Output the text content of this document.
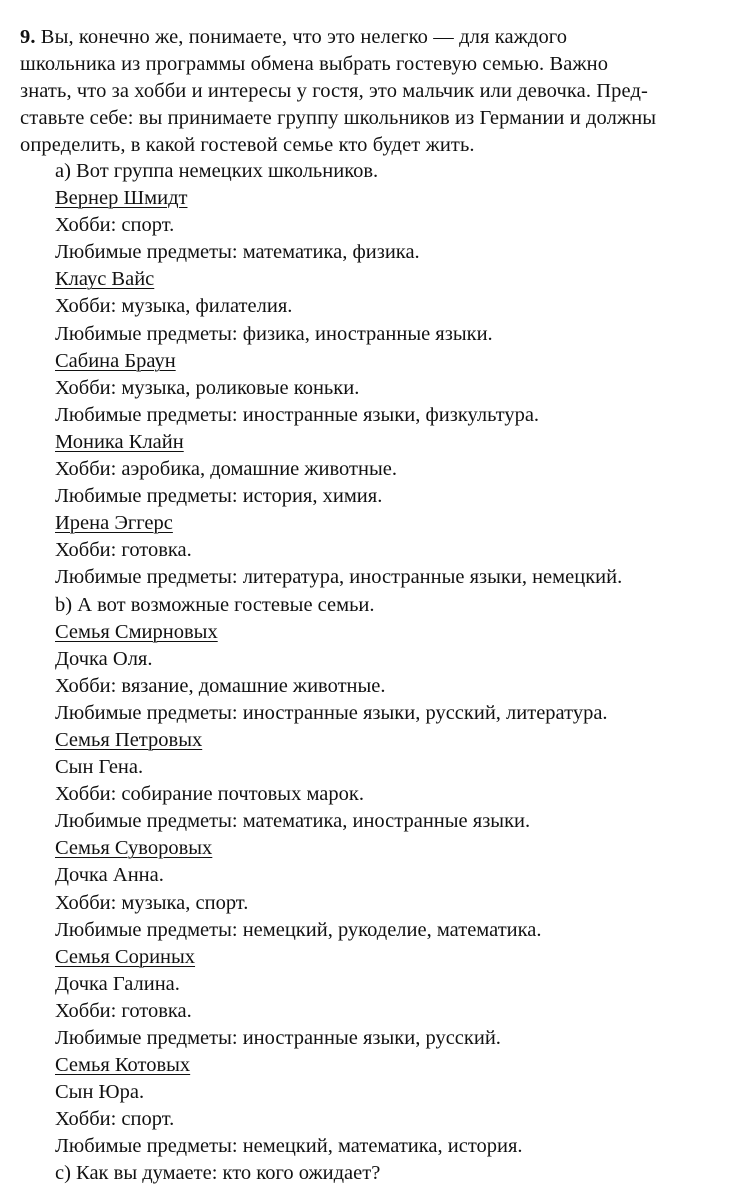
9. Вы, конечно же, понимаете, что это нелегко — для каждого
школьника из программы обмена выбрать гостевую семью. Важно
знать, что за хобби и интересы у гостя, это мальчик или девочка. Пред-
ставьте себе: вы принимаете группу школьников из Германии и должны
определить, в какой гостевой семье кто будет жить.
a) Вот группа немецких школьников.
Вернер Шмидт
Хобби: спорт.
Любимые предметы: математика, физика.
Клаус Вайс
Хобби: музыка, филателия.
Любимые предметы: физика, иностранные языки.
Сабина Браун
Хобби: музыка, роликовые коньки.
Любимые предметы: иностранные языки, физкультура.
Моника Клайн
Хобби: аэробика, домашние животные.
Любимые предметы: история, химия.
Ирена Эггерс
Хобби: готовка.
Любимые предметы: литература, иностранные языки, немецкий.
b) А вот возможные гостевые семьи.
Семья Смирновых
Дочка Оля.
Хобби: вязание, домашние животные.
Любимые предметы: иностранные языки, русский, литература.
Семья Петровых
Сын Гена.
Хобби: собирание почтовых марок.
Любимые предметы: математика, иностранные языки.
Семья Суворовых
Дочка Анна.
Хобби: музыка, спорт.
Любимые предметы: немецкий, рукоделие, математика.
Семья Сориных
Дочка Галина.
Хобби: готовка.
Любимые предметы: иностранные языки, русский.
Семья Котовых
Сын Юра.
Хобби: спорт.
Любимые предметы: немецкий, математика, история.
c) Как вы думаете: кто кого ожидает?
